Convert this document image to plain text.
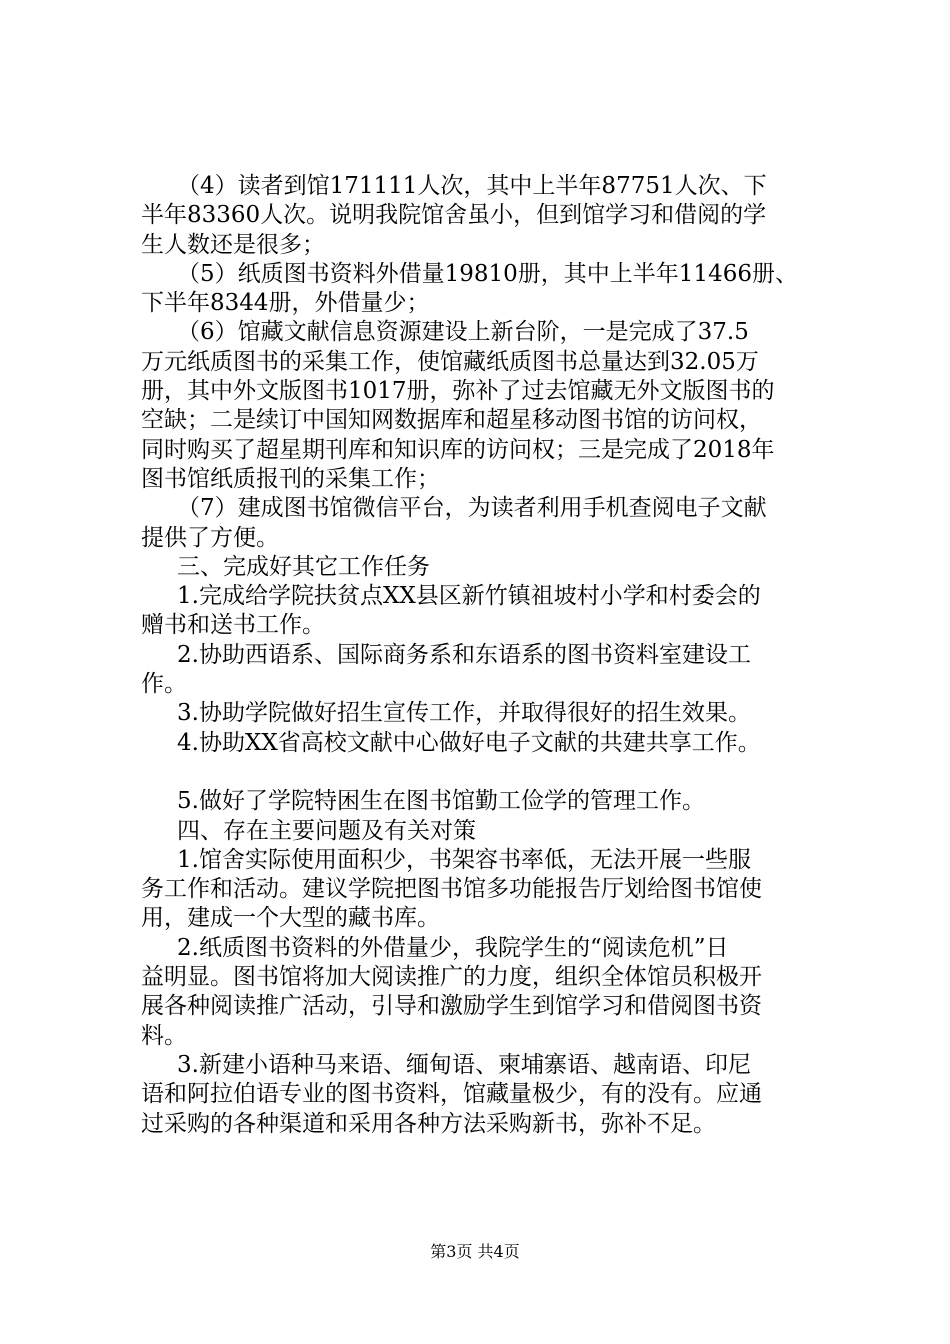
（4）读者到馆171111人次，其中上半年87751人次、下
半年83360人次。说明我院馆舍虽小，但到馆学习和借阅的学
生人数还是很多；
（5）纸质图书资料外借量19810册，其中上半年11466册、
下半年8344册，外借量少；
（6）馆藏文献信息资源建设上新台阶，一是完成了37.5
万元纸质图书的采集工作，使馆藏纸质图书总量达到32.05万
册，其中外文版图书1017册，弥补了过去馆藏无外文版图书的
空缺；二是续订中国知网数据库和超星移动图书馆的访问权，
同时购买了超星期刊库和知识库的访问权；三是完成了2018年
图书馆纸质报刊的采集工作；
（7）建成图书馆微信平台，为读者利用手机查阅电子文献
提供了方便。
三、完成好其它工作任务
1.完成给学院扶贫点XX县区新竹镇祖坡村小学和村委会的
赠书和送书工作。
2.协助西语系、国际商务系和东语系的图书资料室建设工
作。
3.协助学院做好招生宣传工作，并取得很好的招生效果。
4.协助XX省高校文献中心做好电子文献的共建共享工作。
5.做好了学院特困生在图书馆勤工俭学的管理工作。
四、存在主要问题及有关对策
1.馆舍实际使用面积少，书架容书率低，无法开展一些服
务工作和活动。建议学院把图书馆多功能报告厅划给图书馆使
用，建成一个大型的藏书库。
2.纸质图书资料的外借量少，我院学生的“阅读危机”日
益明显。图书馆将加大阅读推广的力度，组织全体馆员积极开
展各种阅读推广活动，引导和激励学生到馆学习和借阅图书资
料。
3.新建小语种马来语、缅甸语、柬埔寨语、越南语、印尼
语和阿拉伯语专业的图书资料，馆藏量极少，有的没有。应通
过采购的各种渠道和采用各种方法采购新书，弥补不足。
第3页 共4页
